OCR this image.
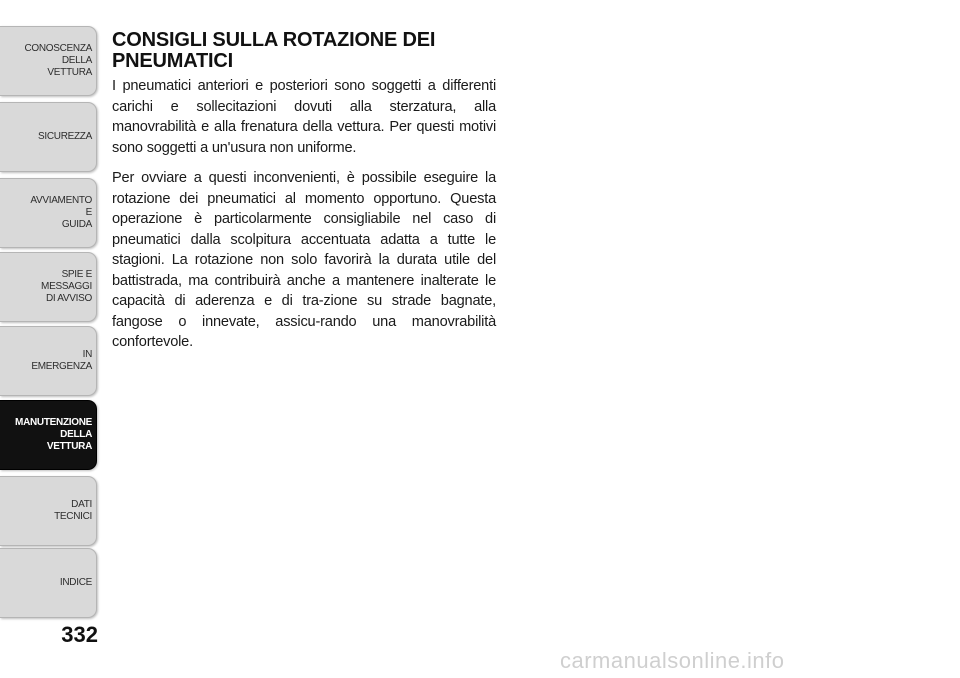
CONOSCENZA
DELLA
VETTURA
SICUREZZA
AVVIAMENTO
E
GUIDA
SPIE E
MESSAGGI
DI AVVISO
IN
EMERGENZA
MANUTENZIONE
DELLA
VETTURA
DATI
TECNICI
INDICE
332
CONSIGLI SULLA ROTAZIONE DEI PNEUMATICI

I pneumatici anteriori e posteriori sono soggetti a differenti carichi e sollecitazioni dovuti alla sterzatura, alla manovrabilità e alla frenatura della vettura. Per questi motivi sono soggetti a un'usura non uniforme.

Per ovviare a questi inconvenienti, è possibile eseguire la rotazione dei pneumatici al momento opportuno. Questa operazione è particolarmente consigliabile nel caso di pneumatici dalla scolpitura accentuata adatta a tutte le stagioni. La rotazione non solo favorirà la durata utile del battistrada, ma contribuirà anche a mantenere inalterate le capacità di aderenza e di tra-zione su strade bagnate, fangose o innevate, assicu-rando una manovrabilità confortevole.

carmanualsonline.info
